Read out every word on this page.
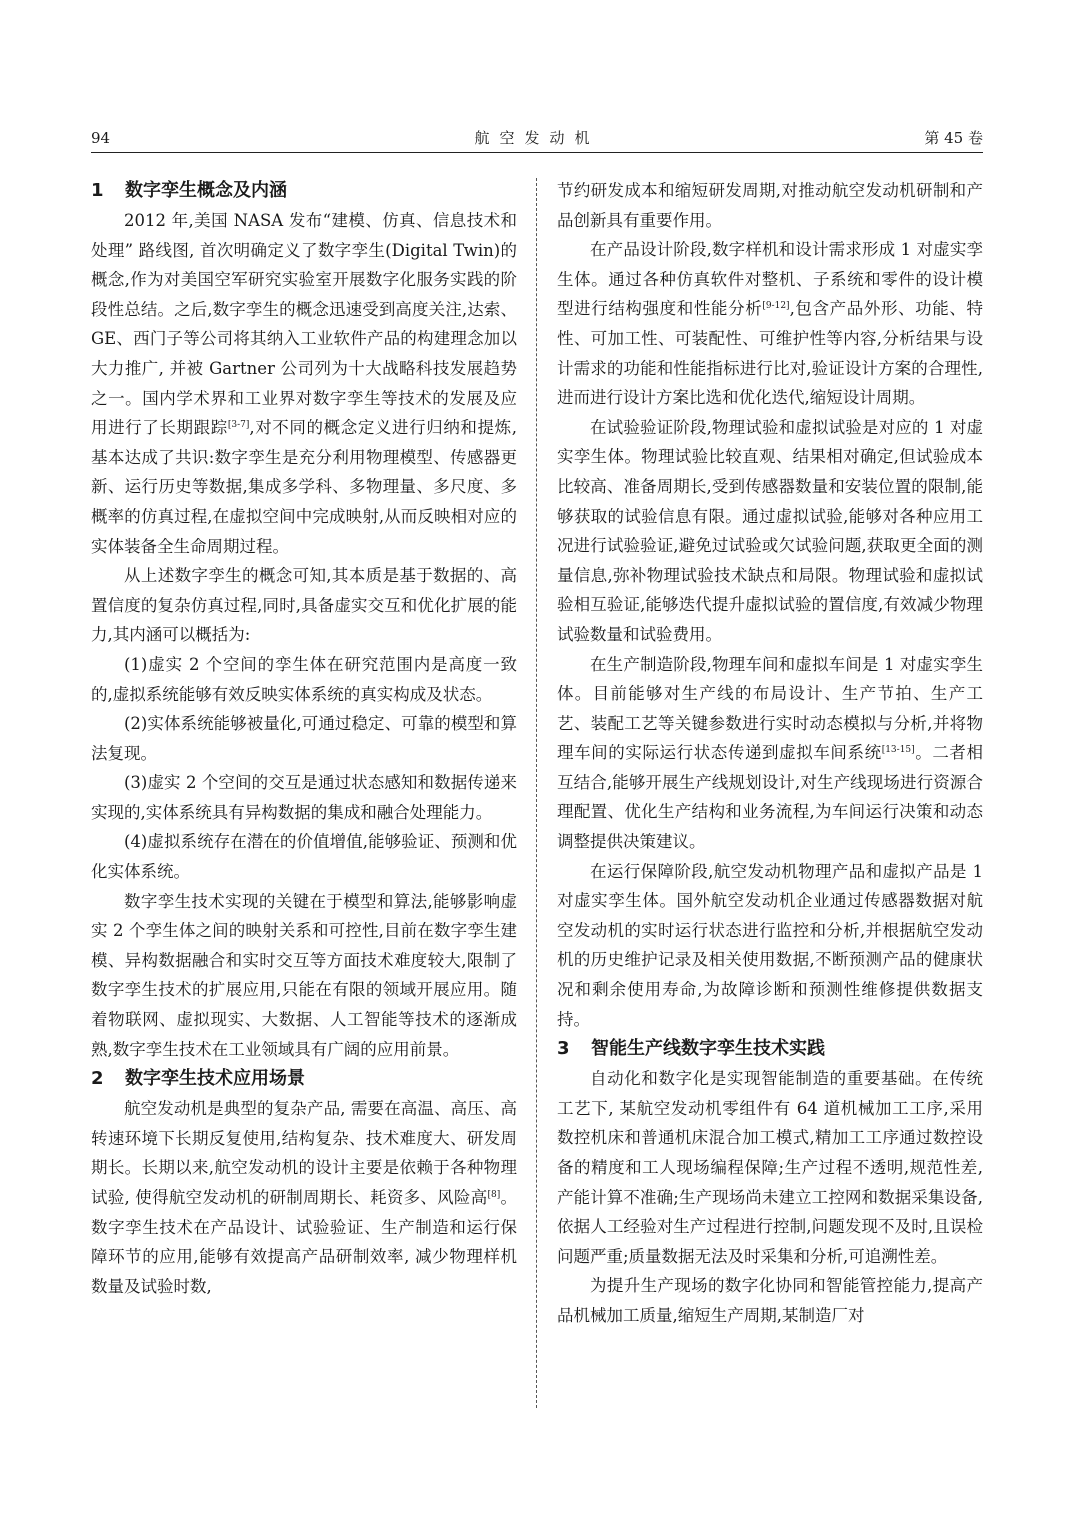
94	航空发动机	第 45 卷
1 数字孪生概念及内涵

2012 年,美国 NASA 发布“建模、仿真、信息技术和处理” 路线图, 首次明确定义了数字孪生(Digital Twin)的概念,作为对美国空军研究实验室开展数字化服务实践的阶段性总结。之后,数字孪生的概念迅速受到高度关注,达索、GE、西门子等公司将其纳入工业软件产品的构建理念加以大力推广, 并被 Gartner 公司列为十大战略科技发展趋势之一。国内学术界和工业界对数字孪生等技术的发展及应用进行了长期跟踪[3-7],对不同的概念定义进行归纳和提炼,基本达成了共识:数字孪生是充分利用物理模型、传感器更新、运行历史等数据,集成多学科、多物理量、多尺度、多概率的仿真过程,在虚拟空间中完成映射,从而反映相对应的实体装备全生命周期过程。

从上述数字孪生的概念可知,其本质是基于数据的、高置信度的复杂仿真过程,同时,具备虚实交互和优化扩展的能力,其内涵可以概括为:

(1)虚实 2 个空间的孪生体在研究范围内是高度一致的,虚拟系统能够有效反映实体系统的真实构成及状态。

(2)实体系统能够被量化,可通过稳定、可靠的模型和算法复现。

(3)虚实 2 个空间的交互是通过状态感知和数据传递来实现的,实体系统具有异构数据的集成和融合处理能力。

(4)虚拟系统存在潜在的价值增值,能够验证、预测和优化实体系统。

数字孪生技术实现的关键在于模型和算法,能够影响虚实 2 个孪生体之间的映射关系和可控性,目前在数字孪生建模、异构数据融合和实时交互等方面技术难度较大,限制了数字孪生技术的扩展应用,只能在有限的领域开展应用。随着物联网、虚拟现实、大数据、人工智能等技术的逐渐成熟,数字孪生技术在工业领域具有广阔的应用前景。

2 数字孪生技术应用场景

航空发动机是典型的复杂产品, 需要在高温、高压、高转速环境下长期反复使用,结构复杂、技术难度大、研发周期长。长期以来,航空发动机的设计主要是依赖于各种物理试验, 使得航空发动机的研制周期长、耗资多、风险高[8]。数字孪生技术在产品设计、试验验证、生产制造和运行保障环节的应用,能够有效提高产品研制效率, 减少物理样机数量及试验时数,

节约研发成本和缩短研发周期,对推动航空发动机研制和产品创新具有重要作用。

在产品设计阶段,数字样机和设计需求形成 1 对虚实孪生体。通过各种仿真软件对整机、子系统和零件的设计模型进行结构强度和性能分析[9-12],包含产品外形、功能、特性、可加工性、可装配性、可维护性等内容,分析结果与设计需求的功能和性能指标进行比对,验证设计方案的合理性,进而进行设计方案比选和优化迭代,缩短设计周期。

在试验验证阶段,物理试验和虚拟试验是对应的 1 对虚实孪生体。物理试验比较直观、结果相对确定,但试验成本比较高、准备周期长,受到传感器数量和安装位置的限制,能够获取的试验信息有限。通过虚拟试验,能够对各种应用工况进行试验验证,避免过试验或欠试验问题,获取更全面的测量信息,弥补物理试验技术缺点和局限。物理试验和虚拟试验相互验证,能够迭代提升虚拟试验的置信度,有效减少物理试验数量和试验费用。

在生产制造阶段,物理车间和虚拟车间是 1 对虚实孪生体。目前能够对生产线的布局设计、生产节拍、生产工艺、装配工艺等关键参数进行实时动态模拟与分析,并将物理车间的实际运行状态传递到虚拟车间系统[13-15]。二者相互结合,能够开展生产线规划设计,对生产线现场进行资源合理配置、优化生产结构和业务流程,为车间运行决策和动态调整提供决策建议。

在运行保障阶段,航空发动机物理产品和虚拟产品是 1 对虚实孪生体。国外航空发动机企业通过传感器数据对航空发动机的实时运行状态进行监控和分析,并根据航空发动机的历史维护记录及相关使用数据,不断预测产品的健康状况和剩余使用寿命,为故障诊断和预测性维修提供数据支持。

3 智能生产线数字孪生技术实践

自动化和数字化是实现智能制造的重要基础。在传统工艺下, 某航空发动机零组件有 64 道机械加工工序,采用数控机床和普通机床混合加工模式,精加工工序通过数控设备的精度和工人现场编程保障;生产过程不透明,规范性差,产能计算不准确;生产现场尚未建立工控网和数据采集设备,依据人工经验对生产过程进行控制,问题发现不及时,且误检问题严重;质量数据无法及时采集和分析,可追溯性差。

为提升生产现场的数字化协同和智能管控能力,提高产品机械加工质量,缩短生产周期,某制造厂对
